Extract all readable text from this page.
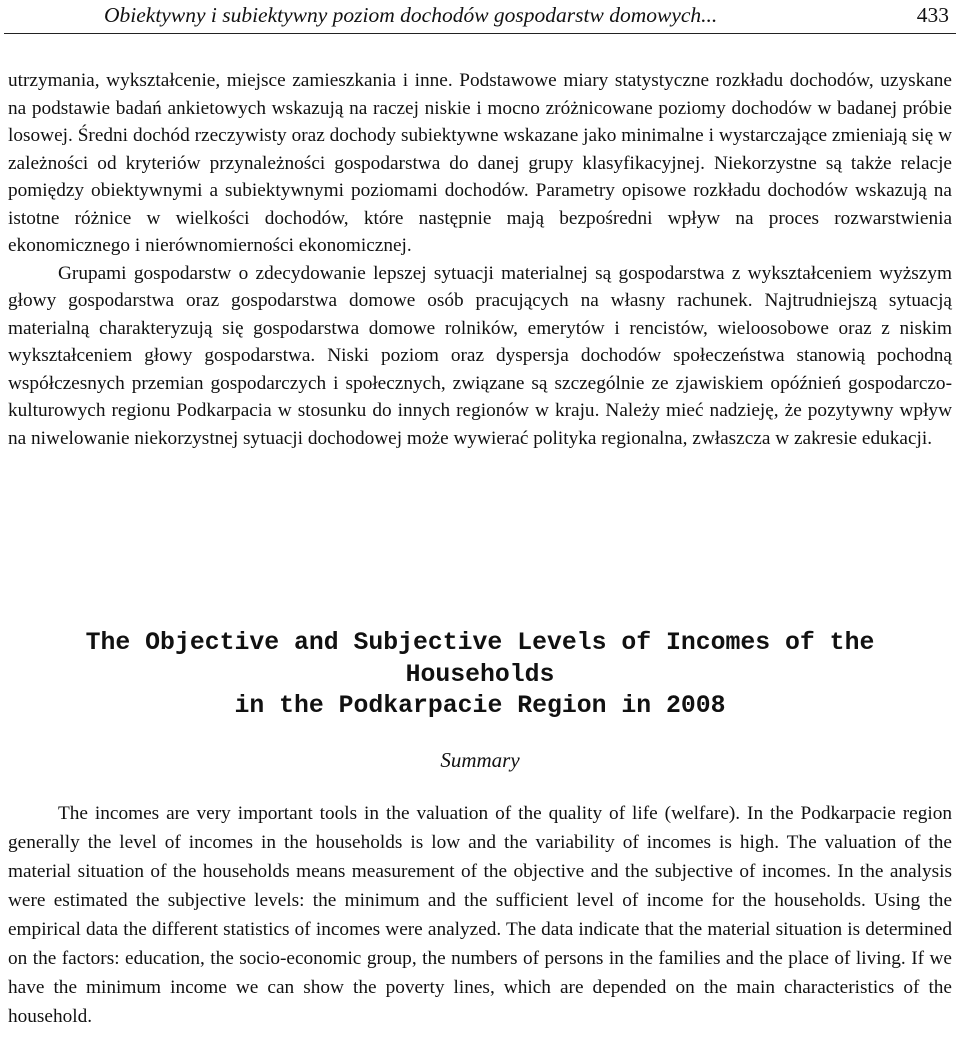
Obiektywny i subiektywny poziom dochodów gospodarstw domowych...	433

utrzymania, wykształcenie, miejsce zamieszkania i inne. Podstawowe miary statystyczne rozkładu dochodów, uzyskane na podstawie badań ankietowych wskazują na raczej niskie i mocno zróżnicowane poziomy dochodów w badanej próbie losowej. Średni dochód rzeczywisty oraz dochody subiektywne wskazane jako minimalne i wystarczające zmieniają się w zależności od kryteriów przynależności gospodarstwa do danej grupy klasyfikacyjnej. Niekorzystne są także relacje pomiędzy obiektywnymi a subiektywnymi poziomami dochodów. Parametry opisowe rozkładu dochodów wskazują na istotne różnice w wielkości dochodów, które następnie mają bezpośredni wpływ na proces rozwarstwienia ekonomicznego i nierównomierności ekonomicznej.

Grupami gospodarstw o zdecydowanie lepszej sytuacji materialnej są gospodarstwa z wykształceniem wyższym głowy gospodarstwa oraz gospodarstwa domowe osób pracujących na własny rachunek. Najtrudniejszą sytuacją materialną charakteryzują się gospodarstwa domowe rolników, emerytów i rencistów, wieloosobowe oraz z niskim wykształceniem głowy gospodarstwa. Niski poziom oraz dyspersja dochodów społeczeństwa stanowią pochodną współczesnych przemian gospodarczych i społecznych, związane są szczególnie ze zjawiskiem opóźnień gospodarczo-kulturowych regionu Podkarpacia w stosunku do innych regionów w kraju. Należy mieć nadzieję, że pozytywny wpływ na niwelowanie niekorzystnej sytuacji dochodowej może wywierać polityka regionalna, zwłaszcza w zakresie edukacji.

The Objective and Subjective Levels of Incomes of the Households
in the Podkarpacie Region in 2008
Summary

The incomes are very important tools in the valuation of the quality of life (welfare). In the Podkarpacie region generally the level of incomes in the households is low and the variability of incomes is high. The valuation of the material situation of the households means measurement of the objective and the subjective of incomes. In the analysis were estimated the subjective levels: the minimum and the sufficient level of income for the households. Using the empirical data the different statistics of incomes were analyzed. The data indicate that the material situation is determined on the factors: education, the socio-economic group, the numbers of persons in the families and the place of living. If we have the minimum income we can show the poverty lines, which are depended on the main characteristics of the household.
